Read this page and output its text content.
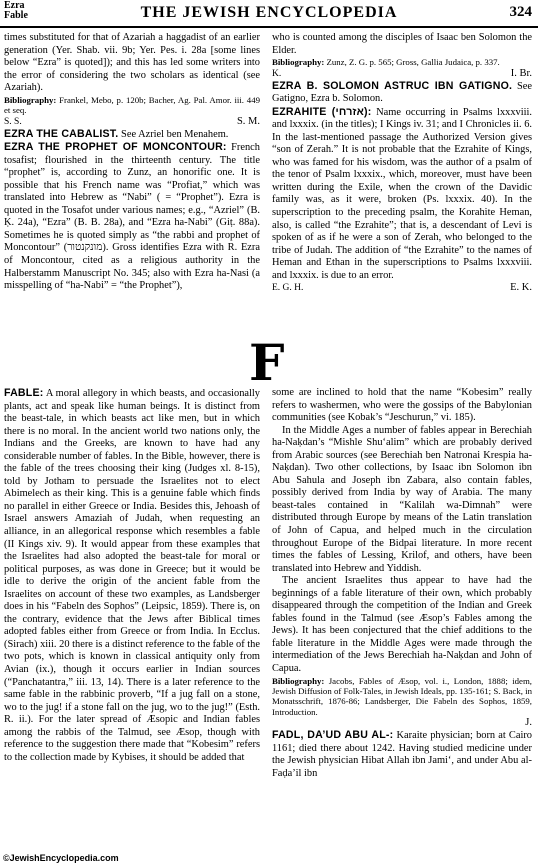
Ezra
Fable	THE JEWISH ENCYCLOPEDIA	324

times substituted for that of Azariah a haggadist of an earlier generation (Yer. Shab. vii. 9b; Yer. Pes. i. 28a [some lines below “Ezra” is quoted]); and this has led some writers into the error of considering the two scholars as identical (see Azariah).

Bibliography: Frankel, Mebo, p. 120b; Bacher, Ag. Pal. Amor. iii. 449 et seq.

S. S.	S. M.

EZRA THE CABALIST. See Azriel ben Menahem.

EZRA THE PROPHET OF MONCONTOUR: French tosafist; flourished in the thirteenth century. The title “prophet” is, according to Zunz, an honorific one. It is possible that his French name was “Profiat,” which was translated into Hebrew as “Nabi” ( = “Prophet”). Ezra is quoted in the Tosafot under various names; e.g., “Azriel” (B. Ḳ. 24a), “Ezra” (B. B. 28a), and “Ezra ha-Nabi” (Giṭ. 88a). Sometimes he is quoted simply as “the rabbi and prophet of Moncontour” (מונקנטור). Gross identifies Ezra with R. Ezra of Moncontour, cited as a religious authority in the Halberstamm Manuscript No. 345; also with Ezra ha-Nasi (a misspelling of “ha-Nabi” = “the Prophet”),

who is counted among the disciples of Isaac ben Solomon the Elder.

Bibliography: Zunz, Z. G. p. 565; Gross, Gallia Judaica, p. 337.

K.	I. Br.

EZRA B. SOLOMON ASTRUC IBN GATIGNO. See Gatigno, Ezra b. Solomon.

EZRAHITE (אזרחי): Name occurring in Psalms lxxxviii. and lxxxix. (in the titles); I Kings iv. 31; and I Chronicles ii. 6. In the last-mentioned passage the Authorized Version gives “son of Zerah.” It is not probable that the Ezrahite of Kings, who was famed for his wisdom, was the author of a psalm of the tenor of Psalm lxxxix., which, moreover, must have been written during the Exile, when the crown of the Davidic family was, as it were, broken (Ps. lxxxix. 40). In the superscription to the preceding psalm, the Korahite Heman, also, is called “the Ezrahite”; that is, a descendant of Levi is spoken of as if he were a son of Zerah, who belonged to the tribe of Judah. The addition of “the Ezrahite” to the names of Heman and Ethan in the superscriptions to Psalms lxxxviii. and lxxxix. is due to an error.

E. G. H.	E. K.
F

FABLE: A moral allegory in which beasts, and occasionally plants, act and speak like human beings. It is distinct from the beast-tale, in which beasts act like men, but in which there is no moral. In the ancient world two nations only, the Indians and the Greeks, are known to have had any considerable number of fables. In the Bible, however, there is the fable of the trees choosing their king (Judges xl. 8-15), told by Jotham to persuade the Israelites not to elect Abimelech as their king. This is a genuine fable which finds no parallel in either Greece or India. Besides this, Jehoash of Israel answers Amaziah of Judah, when requesting an alliance, in an allegorical response which resembles a fable (II Kings xiv. 9). It would appear from these examples that the Israelites had also adopted the beast-tale for moral or political purposes, as was done in Greece; but it would be idle to derive the origin of the ancient fable from the Israelites on account of these two examples, as Landsberger does in his “Fabeln des Sophos” (Leipsic, 1859). There is, on the contrary, evidence that the Jews after Biblical times adopted fables either from Greece or from India. In Ecclus. (Sirach) xiii. 20 there is a distinct reference to the fable of the two pots, which is known in classical antiquity only from Avian (ix.), though it occurs earlier in Indian sources (“Panchatantra,” iii. 13, 14). There is a later reference to the same fable in the rabbinic proverb, “If a jug fall on a stone, wo to the jug! if a stone fall on the jug, wo to the jug!” (Esth. R. ii.). For the later spread of Æsopic and Indian fables among the rabbis of the Talmud, see Æsop, though with reference to the suggestion there made that “Kobesim” refers to the collection made by Kybises, it should be added that

some are inclined to hold that the name “Kobesim” really refers to washermen, who were the gossips of the Babylonian communities (see Kobak’s “Jeschurun,” vi. 185).

In the Middle Ages a number of fables appear in Berechiah ha-Naḳdan’s “Mishle Shu‘alim” which are probably derived from Arabic sources (see Berechiah ben Natronai Krespia ha-Naḳdan). Two other collections, by Isaac ibn Solomon ibn Abu Sahula and Joseph ibn Zabara, also contain fables, possibly derived from India by way of Arabia. The many beast-tales contained in “Kalilah wa-Dimnah” were distributed through Europe by means of the Latin translation of John of Capua, and helped much in the circulation throughout Europe of the Bidpai literature. In more recent times the fables of Lessing, Krilof, and others, have been translated into Hebrew and Yiddish.

The ancient Israelites thus appear to have had the beginnings of a fable literature of their own, which probably disappeared through the competition of the Indian and Greek fables found in the Talmud (see Æsop’s Fables among the Jews). It has been conjectured that the chief additions to the fable literature in the Middle Ages were made through the intermediation of the Jews Berechiah ha-Naḳdan and John of Capua.

Bibliography: Jacobs, Fables of Æsop, vol. i., London, 1888; idem, Jewish Diffusion of Folk-Tales, in Jewish Ideals, pp. 135-161; S. Back, in Monatsschrift, 1876-86; Landsberger, Die Fabeln des Sophos, 1859, Introduction.

J.

FADL, DA’UD ABU AL-: Karaite physician; born at Cairo 1161; died there about 1242. Having studied medicine under the Jewish physician Hibat Allah ibn Jami‘, and under Abu al-Faḍa’il ibn

©JewishEncyclopedia.com
